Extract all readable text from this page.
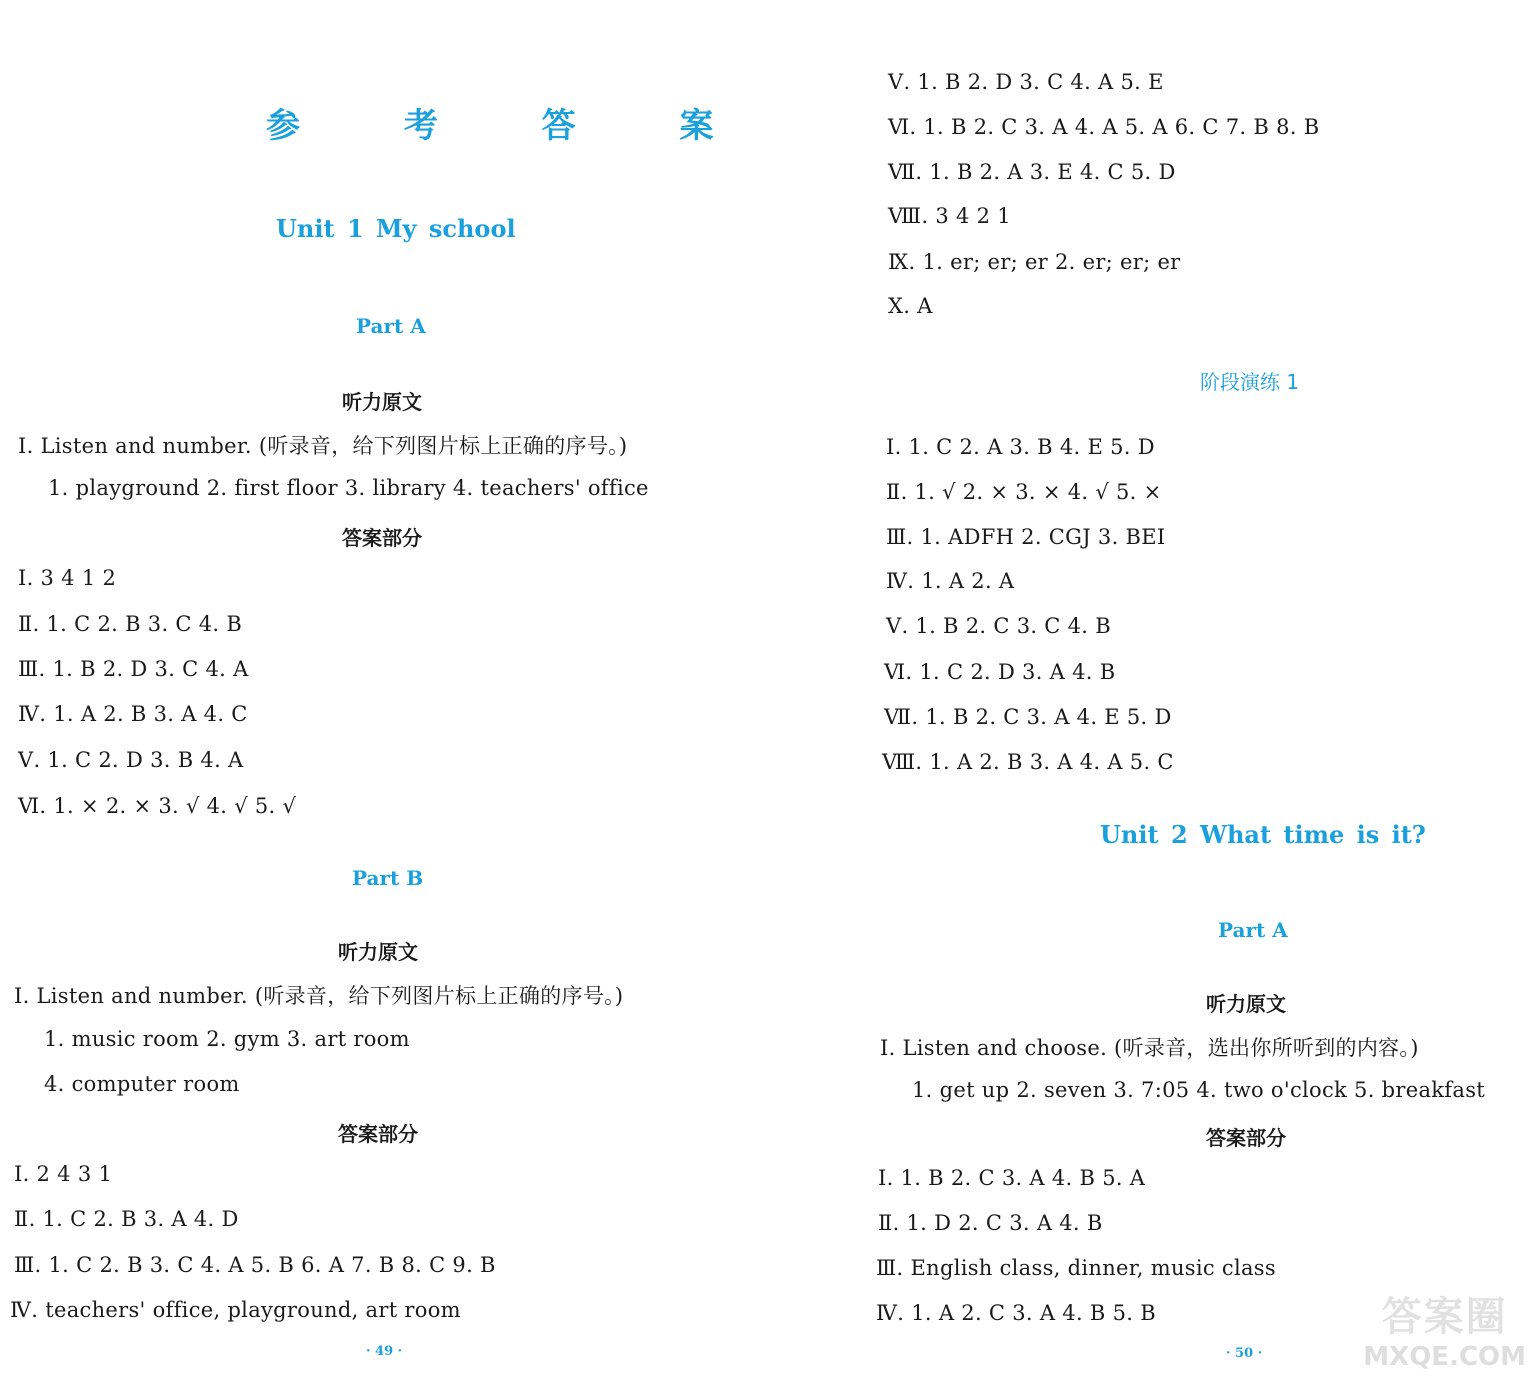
参 考 答 案
Unit 1 My school
Part A
听力原文
Ⅰ. Listen and number. (听录音，给下列图片标上正确的序号。)
1. playground 2. first floor 3. library 4. teachers' office
答案部分
Ⅰ. 3 4 1 2
Ⅱ. 1. C 2. B 3. C 4. B
Ⅲ. 1. B 2. D 3. C 4. A
Ⅳ. 1. A 2. B 3. A 4. C
Ⅴ. 1. C 2. D 3. B 4. A
Ⅵ. 1. × 2. × 3. √ 4. √ 5. √
Part B
听力原文
Ⅰ. Listen and number. (听录音，给下列图片标上正确的序号。)
1. music room 2. gym 3. art room
4. computer room
答案部分
Ⅰ. 2 4 3 1
Ⅱ. 1. C 2. B 3. A 4. D
Ⅲ. 1. C 2. B 3. C 4. A 5. B 6. A 7. B 8. C 9. B
Ⅳ. teachers' office, playground, art room
· 49 ·
Ⅴ. 1. B 2. D 3. C 4. A 5. E
Ⅵ. 1. B 2. C 3. A 4. A 5. A 6. C 7. B 8. B
Ⅶ. 1. B 2. A 3. E 4. C 5. D
Ⅷ. 3 4 2 1
Ⅸ. 1. er; er; er 2. er; er; er
Ⅹ. A
阶段演练 1
Ⅰ. 1. C 2. A 3. B 4. E 5. D
Ⅱ. 1. √ 2. × 3. × 4. √ 5. ×
Ⅲ. 1. ADFH 2. CGJ 3. BEI
Ⅳ. 1. A 2. A
Ⅴ. 1. B 2. C 3. C 4. B
Ⅵ. 1. C 2. D 3. A 4. B
Ⅶ. 1. B 2. C 3. A 4. E 5. D
Ⅷ. 1. A 2. B 3. A 4. A 5. C
Unit 2 What time is it?
Part A
听力原文
Ⅰ. Listen and choose. (听录音，选出你所听到的内容。)
1. get up 2. seven 3. 7:05 4. two o'clock 5. breakfast
答案部分
Ⅰ. 1. B 2. C 3. A 4. B 5. A
Ⅱ. 1. D 2. C 3. A 4. B
Ⅲ. English class, dinner, music class
Ⅳ. 1. A 2. C 3. A 4. B 5. B
· 50 ·
答案圈
MXQE.COM
